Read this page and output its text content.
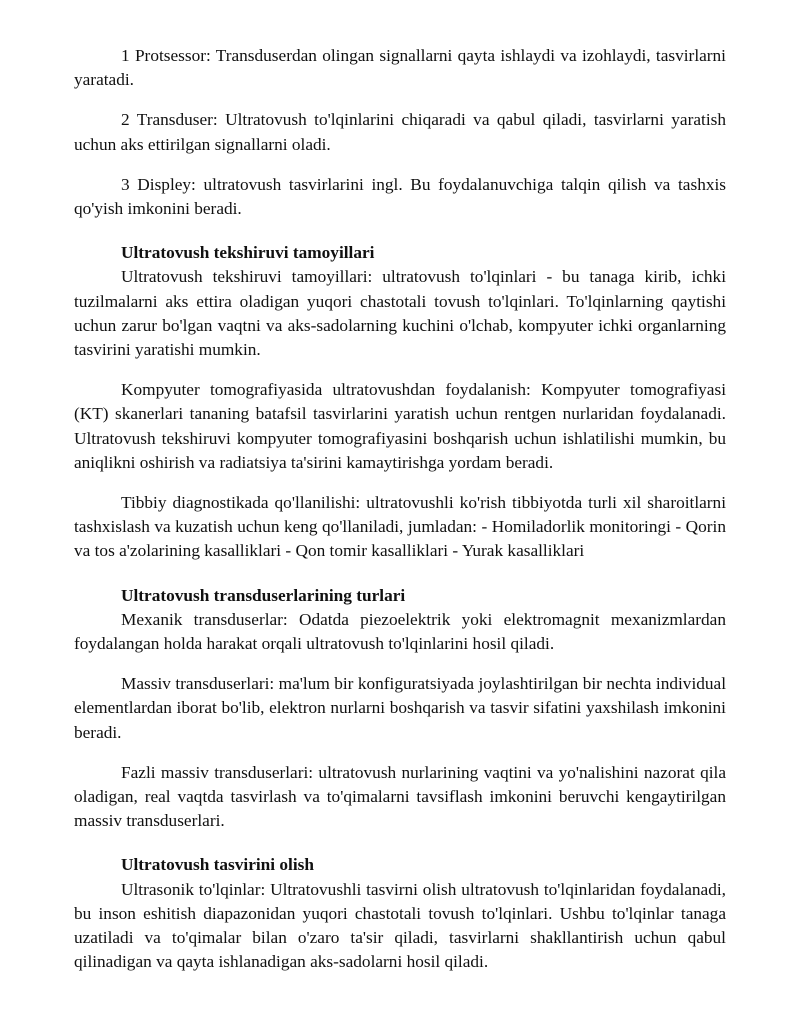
1 Protsessor: Transduserdan olingan signallarni qayta ishlaydi va izohlaydi, tasvirlarni yaratadi.

2 Transduser: Ultratovush to'lqinlarini chiqaradi va qabul qiladi, tasvirlarni yaratish uchun aks ettirilgan signallarni oladi.

3 Displey: ultratovush tasvirlarini ingl. Bu foydalanuvchiga talqin qilish va tashxis qo'yish imkonini beradi.

Ultratovush tekshiruvi tamoyillari

Ultratovush tekshiruvi tamoyillari: ultratovush to'lqinlari - bu tanaga kirib, ichki tuzilmalarni aks ettira oladigan yuqori chastotali tovush to'lqinlari. To'lqinlarning qaytishi uchun zarur bo'lgan vaqtni va aks-sadolarning kuchini o'lchab, kompyuter ichki organlarning tasvirini yaratishi mumkin.

Kompyuter tomografiyasida ultratovushdan foydalanish: Kompyuter tomografiyasi (KT) skanerlari tananing batafsil tasvirlarini yaratish uchun rentgen nurlaridan foydalanadi. Ultratovush tekshiruvi kompyuter tomografiyasini boshqarish uchun ishlatilishi mumkin, bu aniqlikni oshirish va radiatsiya ta'sirini kamaytirishga yordam beradi.

Tibbiy diagnostikada qo'llanilishi: ultratovushli ko'rish tibbiyotda turli xil sharoitlarni tashxislash va kuzatish uchun keng qo'llaniladi, jumladan: - Homiladorlik monitoringi - Qorin va tos a'zolarining kasalliklari - Qon tomir kasalliklari - Yurak kasalliklari

Ultratovush transduserlarining turlari

Mexanik transduserlar: Odatda piezoelektrik yoki elektromagnit mexanizmlardan foydalangan holda harakat orqali ultratovush to'lqinlarini hosil qiladi.

Massiv transduserlari: ma'lum bir konfiguratsiyada joylashtirilgan bir nechta individual elementlardan iborat bo'lib, elektron nurlarni boshqarish va tasvir sifatini yaxshilash imkonini beradi.

Fazli massiv transduserlari: ultratovush nurlarining vaqtini va yo'nalishini nazorat qila oladigan, real vaqtda tasvirlash va to'qimalarni tavsiflash imkonini beruvchi kengaytirilgan massiv transduserlari.

Ultratovush tasvirini olish

Ultrasonik to'lqinlar: Ultratovushli tasvirni olish ultratovush to'lqinlaridan foydalanadi, bu inson eshitish diapazonidan yuqori chastotali tovush to'lqinlari. Ushbu to'lqinlar tanaga uzatiladi va to'qimalar bilan o'zaro ta'sir qiladi, tasvirlarni shakllantirish uchun qabul qilinadigan va qayta ishlanadigan aks-sadolarni hosil qiladi.
